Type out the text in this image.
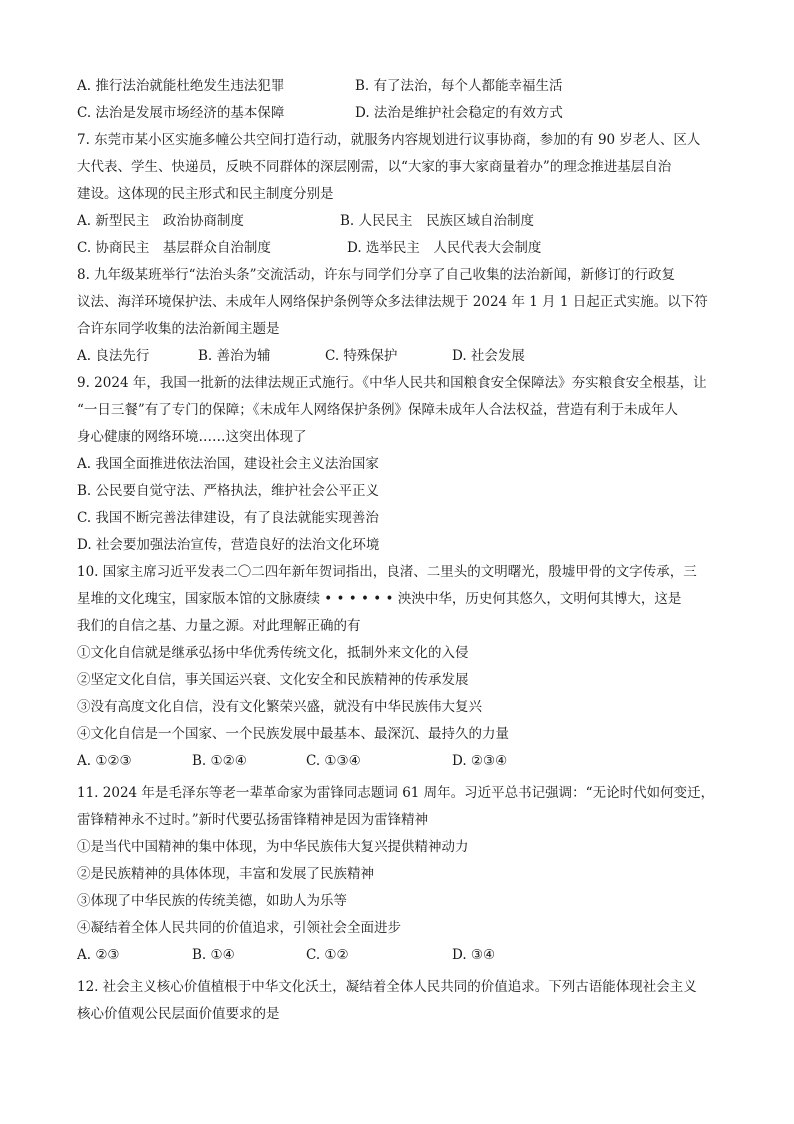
A. 推行法治就能杜绝发生违法犯罪	B. 有了法治，每个人都能幸福生活
C. 法治是发展市场经济的基本保障	D. 法治是维护社会稳定的有效方式
7. 东莞市某小区实施多幢公共空间打造行动，就服务内容规划进行议事协商，参加的有 90 岁老人、区人
大代表、学生、快递员，反映不同群体的深层刚需，以“大家的事大家商量着办”的理念推进基层自治
建设。这体现的民主形式和民主制度分别是
A. 新型民主　政治协商制度	B. 人民民主　民族区域自治制度
C. 协商民主　基层群众自治制度	D. 选举民主　人民代表大会制度
8. 九年级某班举行“法治头条”交流活动，许东与同学们分享了自己收集的法治新闻，新修订的行政复
议法、海洋环境保护法、未成年人网络保护条例等众多法律法规于 2024 年 1 月 1 日起正式实施。以下符
合许东同学收集的法治新闻主题是
A. 良法先行	B. 善治为辅	C. 特殊保护	D. 社会发展
9. 2024 年，我国一批新的法律法规正式施行。《中华人民共和国粮食安全保障法》夯实粮食安全根基，让
“一日三餐”有了专门的保障；《未成年人网络保护条例》保障未成年人合法权益，营造有利于未成年人
身心健康的网络环境……这突出体现了
A. 我国全面推进依法治国，建设社会主义法治国家
B. 公民要自觉守法、严格执法，维护社会公平正义
C. 我国不断完善法律建设，有了良法就能实现善治
D. 社会要加强法治宣传，营造良好的法治文化环境
10. 国家主席习近平发表二〇二四年新年贺词指出，良渚、二里头的文明曙光，殷墟甲骨的文字传承，三
星堆的文化瑰宝，国家版本馆的文脉赓续 • • • • • • 泱泱中华，历史何其悠久，文明何其博大，这是
我们的自信之基、力量之源。对此理解正确的有
①文化自信就是继承弘扬中华优秀传统文化，抵制外来文化的入侵
②坚定文化自信，事关国运兴衰、文化安全和民族精神的传承发展
③没有高度文化自信，没有文化繁荣兴盛，就没有中华民族伟大复兴
④文化自信是一个国家、一个民族发展中最基本、最深沉、最持久的力量
A. ①②③	B. ①②④	C. ①③④	D. ②③④
11. 2024 年是毛泽东等老一辈革命家为雷锋同志题词 61 周年。习近平总书记强调：“无论时代如何变迁，
雷锋精神永不过时。”新时代要弘扬雷锋精神是因为雷锋精神
①是当代中国精神的集中体现，为中华民族伟大复兴提供精神动力
②是民族精神的具体体现，丰富和发展了民族精神
③体现了中华民族的传统美德，如助人为乐等
④凝结着全体人民共同的价值追求，引领社会全面进步
A. ②③	B. ①④	C. ①②	D. ③④
12. 社会主义核心价值植根于中华文化沃土，凝结着全体人民共同的价值追求。下列古语能体现社会主义
核心价值观公民层面价值要求的是
